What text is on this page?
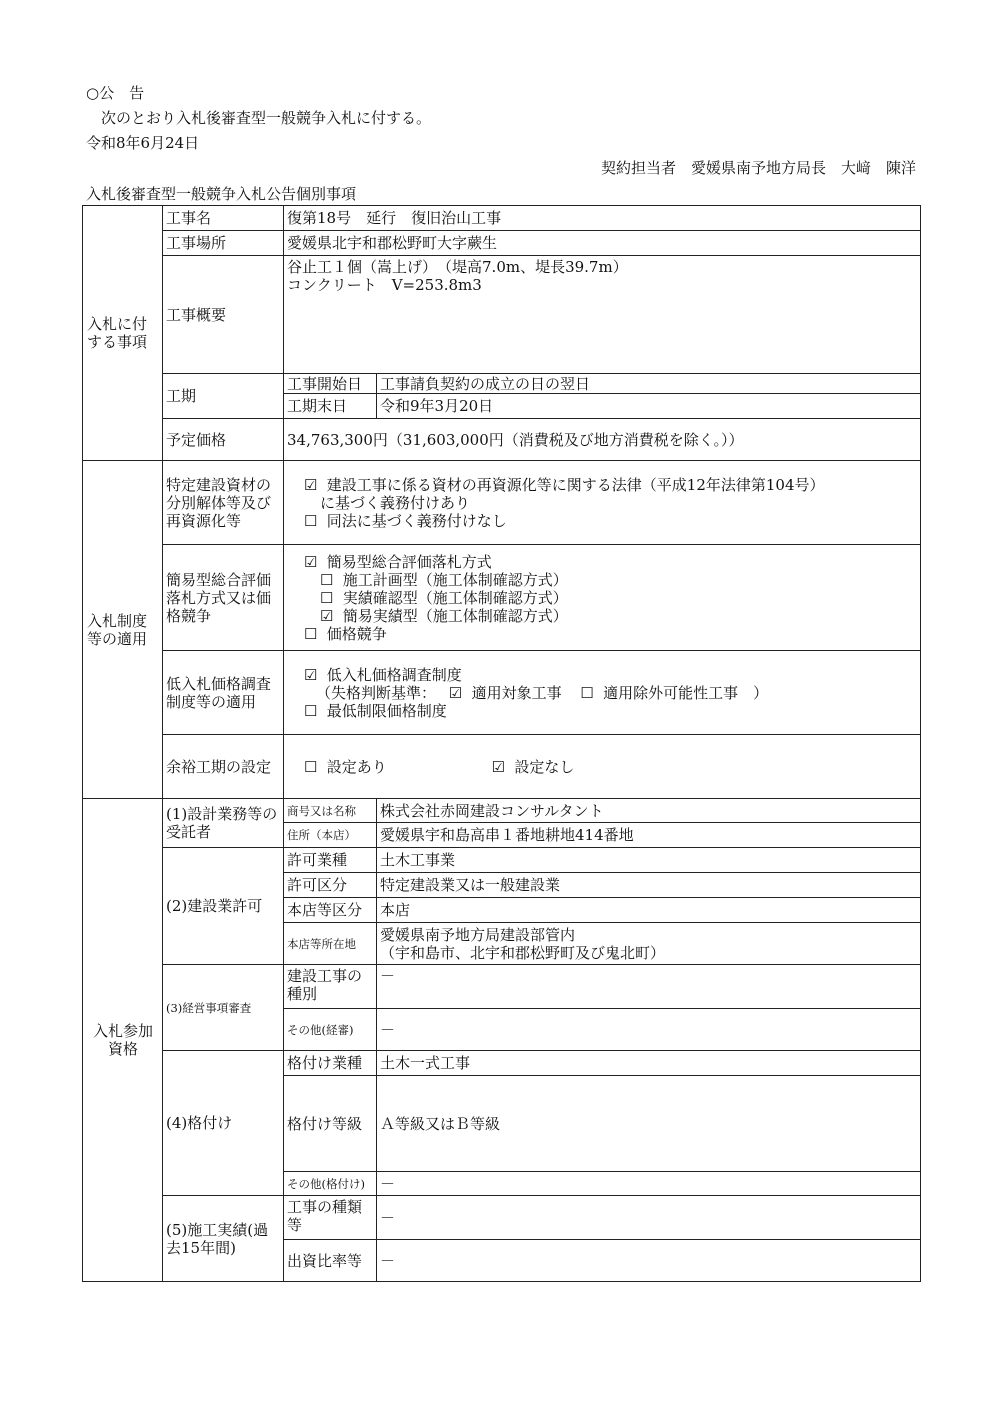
○公　告
次のとおり入札後審査型一般競争入札に付する。
令和8年6月24日
契約担当者　愛媛県南予地方局長　大﨑　陳洋
入札後審査型一般競争入札公告個別事項
入札に付する事項	工事名	復第18号　延行　復旧治山工事	
	工事場所	愛媛県北宇和郡松野町大字蕨生	
	工事概要	谷止工１個（嵩上げ）　（堤高7.0m、堤長39.7m）
コンクリート　V=253.8m3	

	工期	工事開始日	工事請負契約の成立の日の翌日
		工期末日	令和9年3月20日
	予定価格	34,763,300円（31,603,000円（消費税及び地方消費税を除く。））	

入札制度等の適用	特定建設資材の分別解体等及び再資源化等	☑ 建設工事に係る資材の再資源化等に関する法律（平成12年法律第104号）
に基づく義務付けあり
☐ 同法に基づく義務付けなし	

	簡易型総合評価落札方式又は価格競争	☑ 簡易型総合評価落札方式
☐ 施工計画型（施工体制確認方式）
☐ 実績確認型（施工体制確認方式）
☑ 簡易実績型（施工体制確認方式）
☐ 価格競争	

	低入札価格調査制度等の適用	☑ 低入札価格調査制度
（失格判断基準： ☑ 適用対象工事 ☐ 適用除外可能性工事　）
☐ 最低制限価格制度	

	余裕工期の設定	☐ 設定あり ☑ 設定なし	

入札参加資格	(1)設計業務等の受託者	商号又は名称	株式会社赤岡建設コンサルタント
		住所（本店）	愛媛県宇和島高串１番地耕地414番地
	(2)建設業許可	許可業種	土木工事業
		許可区分	特定建設業又は一般建設業
		本店等区分	本店
		本店等所在地	愛媛県南予地方局建設部管内
（宇和島市、北宇和郡松野町及び鬼北町）

	(3)経営事項審査	建設工事の種別	－
		その他(経審)	－
	(4)格付け	格付け業種	土木一式工事
		格付け等級	Ａ等級又はＢ等級
		その他(格付け)	－

	(5)施工実績(過去15年間)	工事の種類等	－
		出資比率等	－
